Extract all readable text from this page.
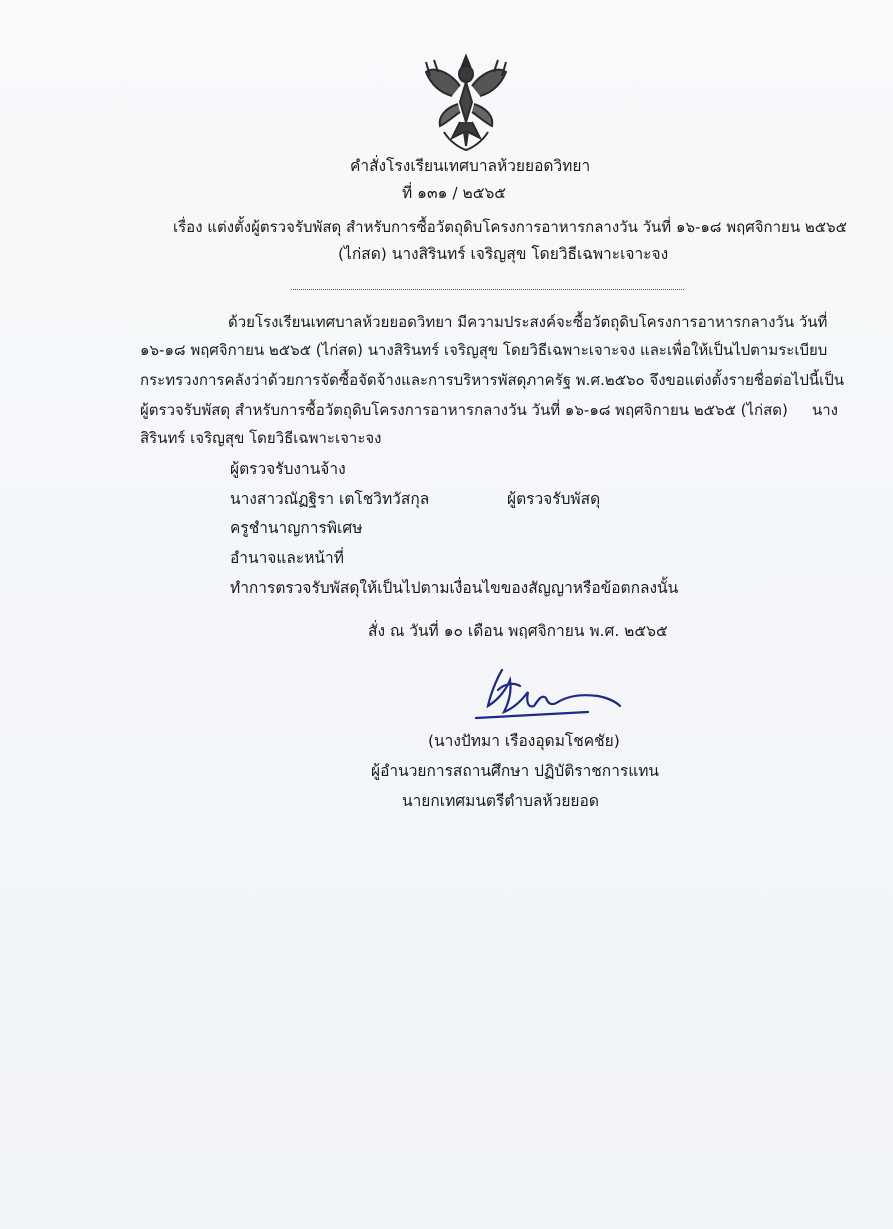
คำสั่งโรงเรียนเทศบาลห้วยยอดวิทยา
ที่ ๑๓๑ / ๒๕๖๕
เรื่อง แต่งตั้งผู้ตรวจรับพัสดุ สำหรับการซื้อวัตถุดิบโครงการอาหารกลางวัน วันที่ ๑๖-๑๘ พฤศจิกายน ๒๕๖๕
(ไก่สด) นางสิรินทร์ เจริญสุข โดยวิธีเฉพาะเจาะจง
ด้วยโรงเรียนเทศบาลห้วยยอดวิทยา มีความประสงค์จะซื้อวัตถุดิบโครงการอาหารกลางวัน วันที่
๑๖-๑๘ พฤศจิกายน ๒๕๖๕ (ไก่สด) นางสิรินทร์ เจริญสุข โดยวิธีเฉพาะเจาะจง และเพื่อให้เป็นไปตามระเบียบ
กระทรวงการคลังว่าด้วยการจัดซื้อจัดจ้างและการบริหารพัสดุภาครัฐ พ.ศ.๒๕๖๐ จึงขอแต่งตั้งรายชื่อต่อไปนี้เป็น
ผู้ตรวจรับพัสดุ สำหรับการซื้อวัตถุดิบโครงการอาหารกลางวัน วันที่ ๑๖-๑๘ พฤศจิกายน ๒๕๖๕ (ไก่สด) นาง
สิรินทร์ เจริญสุข โดยวิธีเฉพาะเจาะจง
ผู้ตรวจรับงานจ้าง
นางสาวณัฏฐิรา เตโชวิทวัสกุล	ผู้ตรวจรับพัสดุ
ครูชำนาญการพิเศษ
อำนาจและหน้าที่
ทำการตรวจรับพัสดุให้เป็นไปตามเงื่อนไขของสัญญาหรือข้อตกลงนั้น
สั่ง ณ วันที่ ๑๐ เดือน พฤศจิกายน พ.ศ. ๒๕๖๕
(นางปัทมา เรืองอุดมโชคชัย)
ผู้อำนวยการสถานศึกษา ปฏิบัติราชการแทน
นายกเทศมนตรีตำบลห้วยยอด
